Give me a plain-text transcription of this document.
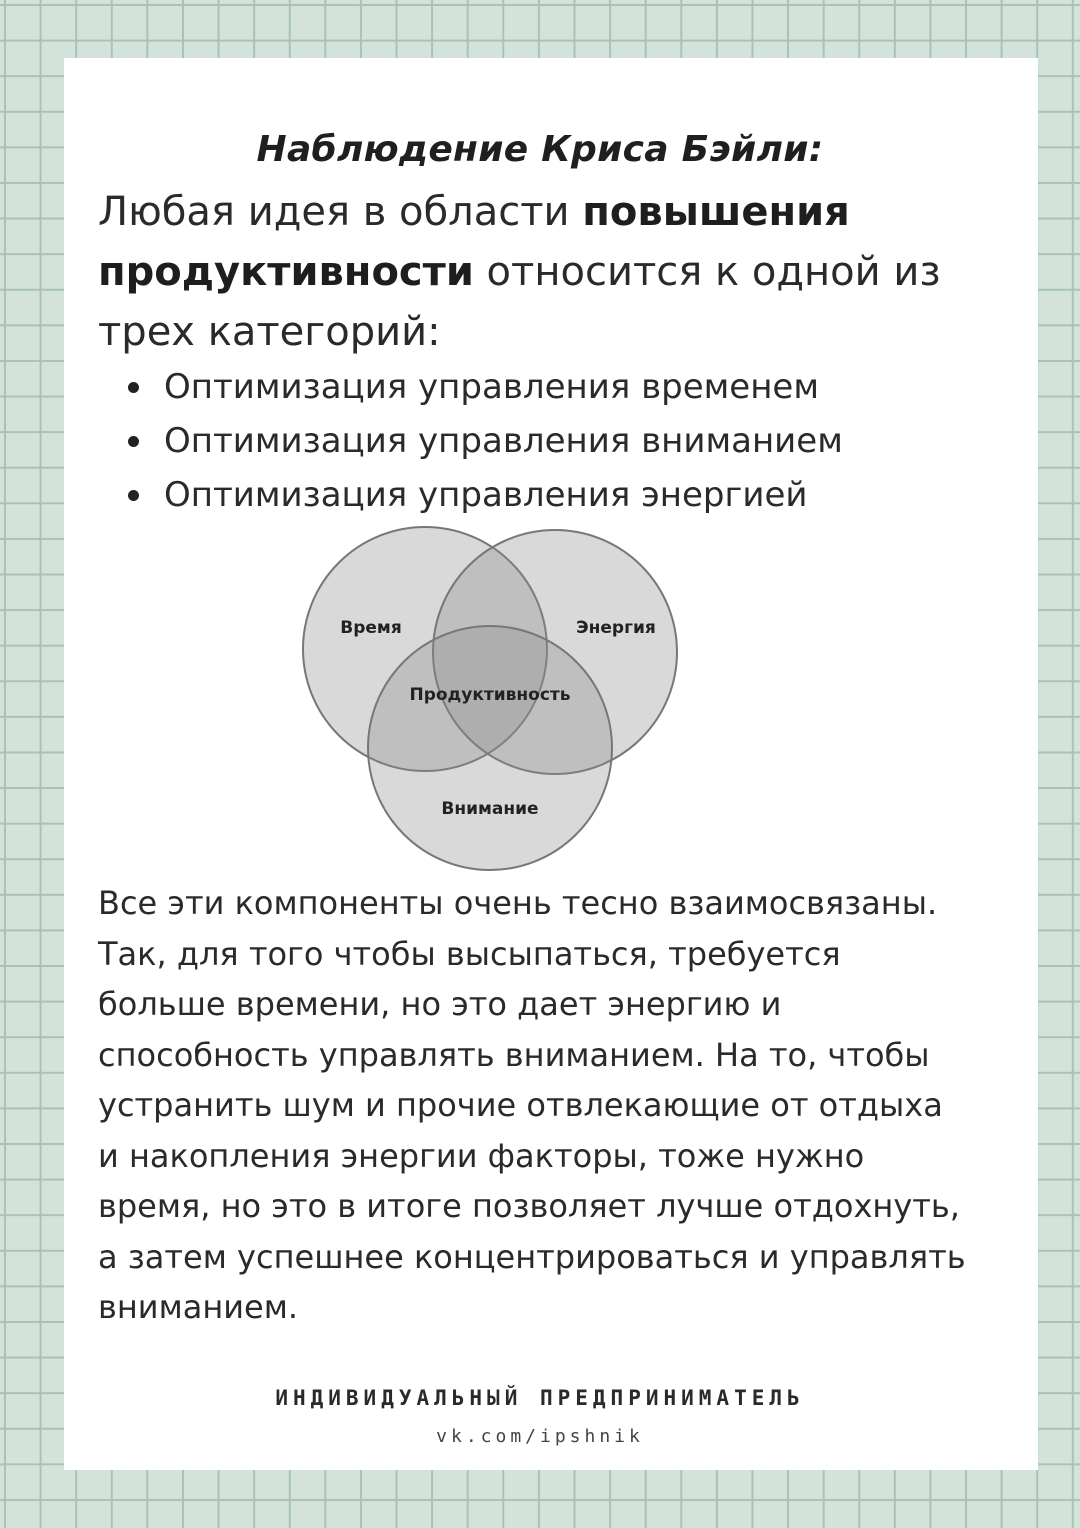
Наблюдение Криса Бэйли:

Любая идея в области повышения
продуктивности относится к одной из
трех категорий:

Оптимизация управления временем
Оптимизация управления вниманием
Оптимизация управления энергией
Время	Энергия
Продуктивность
Внимание

Все эти компоненты очень тесно взаимосвязаны.
Так, для того чтобы высыпаться, требуется
больше времени, но это дает энергию и
способность управлять вниманием. На то, чтобы
устранить шум и прочие отвлекающие от отдыха
и накопления энергии факторы, тоже нужно
время, но это в итоге позволяет лучше отдохнуть,
а затем успешнее концентрироваться и управлять
вниманием.

ИНДИВИДУАЛЬНЫЙ ПРЕДПРИНИМАТЕЛЬ
vk.com/ipshnik
